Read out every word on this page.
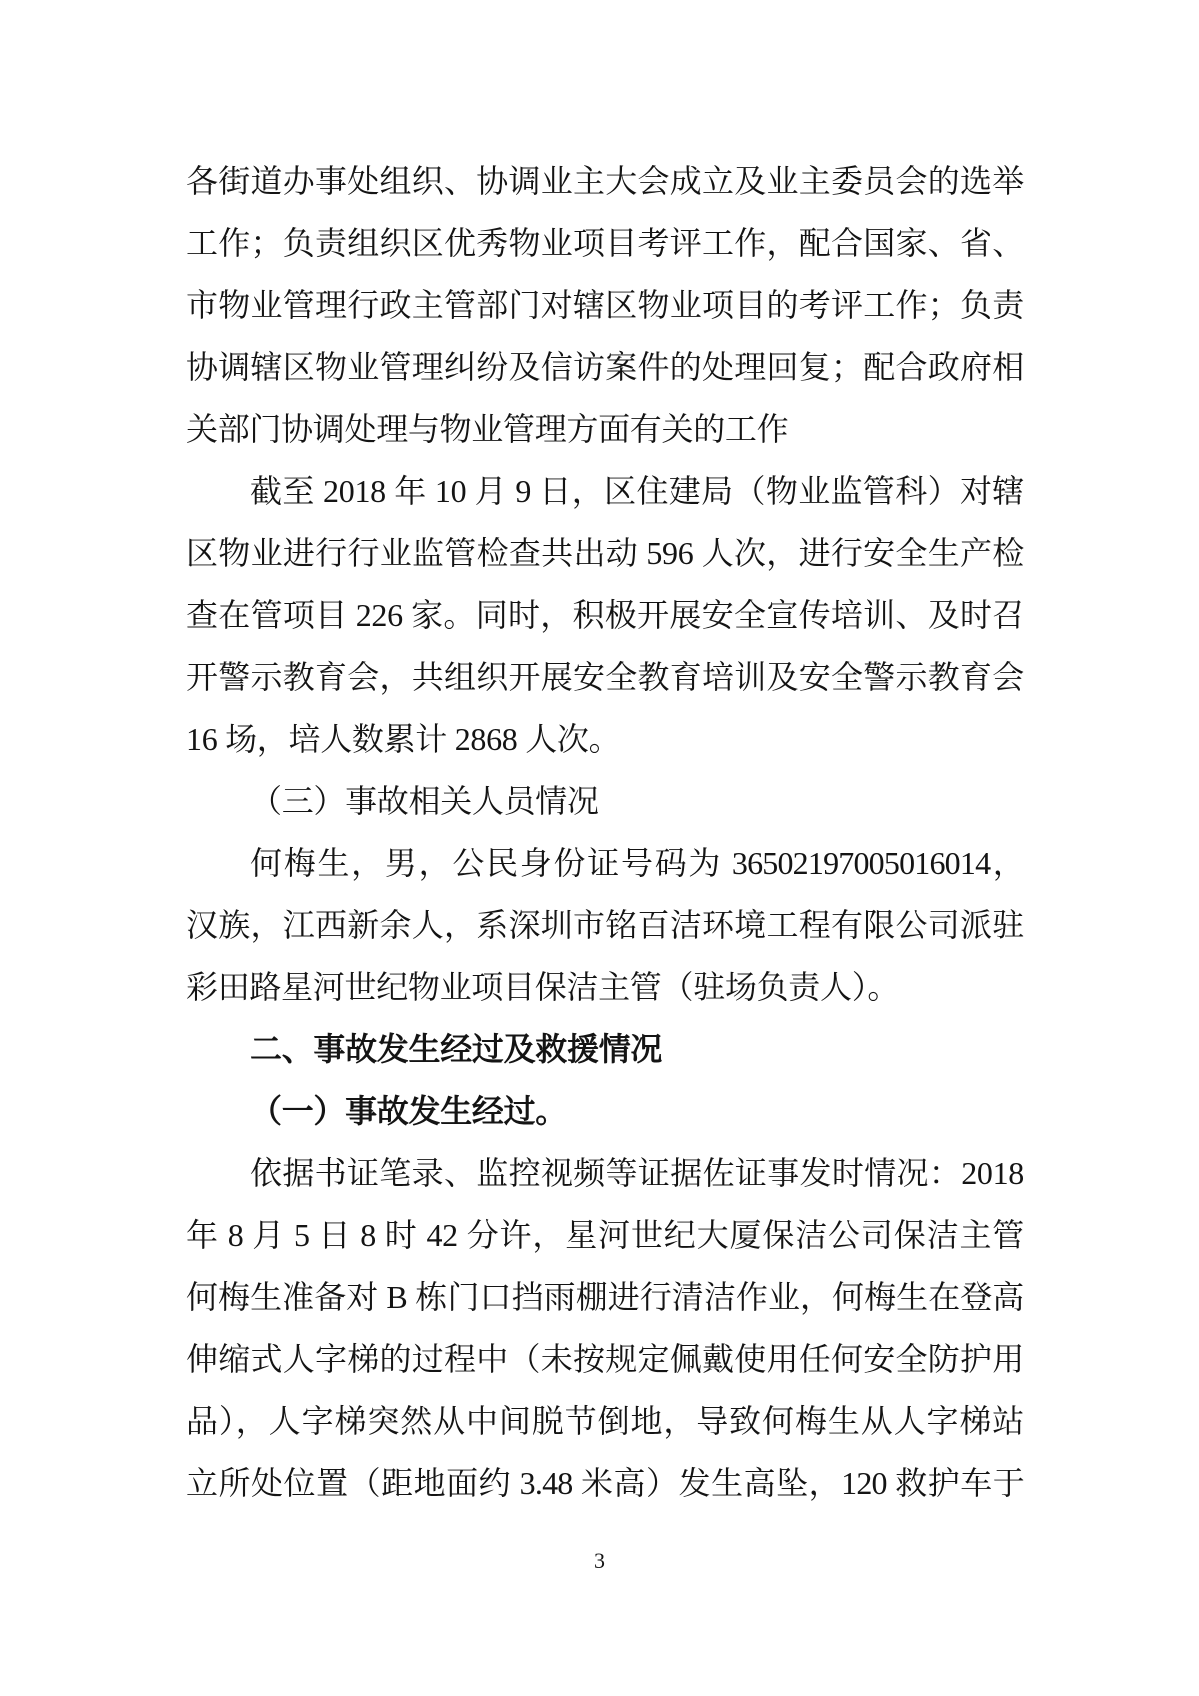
各街道办事处组织、协调业主大会成立及业主委员会的选举
工作；负责组织区优秀物业项目考评工作，配合国家、省、
市物业管理行政主管部门对辖区物业项目的考评工作；负责
协调辖区物业管理纠纷及信访案件的处理回复；配合政府相
关部门协调处理与物业管理方面有关的工作
截至 2018 年 10 月 9 日，区住建局（物业监管科）对辖
区物业进行行业监管检查共出动 596 人次，进行安全生产检
查在管项目 226 家。同时，积极开展安全宣传培训、及时召
开警示教育会，共组织开展安全教育培训及安全警示教育会
16 场，培人数累计 2868 人次。
（三）事故相关人员情况
何梅生，男，公民身份证号码为 36502197005016014，
汉族，江西新余人，系深圳市铭百洁环境工程有限公司派驻
彩田路星河世纪物业项目保洁主管（驻场负责人）。
二、事故发生经过及救援情况
（一）事故发生经过。
依据书证笔录、监控视频等证据佐证事发时情况：2018
年 8 月 5 日 8 时 42 分许，星河世纪大厦保洁公司保洁主管
何梅生准备对 B 栋门口挡雨棚进行清洁作业，何梅生在登高
伸缩式人字梯的过程中（未按规定佩戴使用任何安全防护用
品），人字梯突然从中间脱节倒地，导致何梅生从人字梯站
立所处位置（距地面约 3.48 米高）发生高坠，120 救护车于
3
